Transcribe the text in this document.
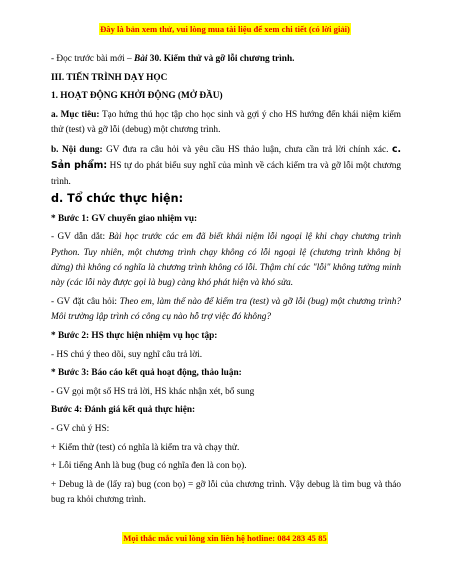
Đây là bản xem thử, vui lòng mua tài liệu để xem chi tiết (có lời giải)

- Đọc trước bài mới – Bài 30. Kiểm thử và gỡ lỗi chương trình.

III. TIẾN TRÌNH DẠY HỌC

1. HOẠT ĐỘNG KHỞI ĐỘNG (MỞ ĐẦU)

a. Mục tiêu: Tạo hứng thú học tập cho học sinh và gợi ý cho HS hướng đến khái niệm kiểm thử (test) và gỡ lỗi (debug) một chương trình.

b. Nội dung: GV đưa ra câu hỏi và yêu cầu HS thảo luận, chưa cần trả lời chính xác. c. Sản phẩm: HS tự do phát biểu suy nghĩ của mình về cách kiểm tra và gỡ lỗi một chương trình.

d. Tổ chức thực hiện:

* Bước 1: GV chuyển giao nhiệm vụ:

- GV dẫn dắt: Bài học trước các em đã biết khái niệm lỗi ngoại lệ khi chạy chương trình Python. Tuy nhiên, một chương trình chạy không có lỗi ngoại lệ (chương trình không bị dừng) thì không có nghĩa là chương trình không có lỗi. Thậm chí các "lỗi" không tường minh này (các lỗi này được gọi là bug) càng khó phát hiện và khó sửa.

- GV đặt câu hỏi: Theo em, làm thế nào để kiểm tra (test) và gỡ lỗi (bug) một chương trình? Môi trường lập trình có công cụ nào hỗ trợ việc đó không?

* Bước 2: HS thực hiện nhiệm vụ học tập:

- HS chú ý theo dõi, suy nghĩ câu trả lời.

* Bước 3: Báo cáo kết quả hoạt động, thảo luận:

- GV gọi một số HS trả lời, HS khác nhận xét, bổ sung

Bước 4: Đánh giá kết quả thực hiện:

- GV chủ ý HS:

+ Kiểm thử (test) có nghĩa là kiểm tra và chạy thử.

+ Lỗi tiếng Anh là bug (bug có nghĩa đen là con bọ).

+ Debug là de (lấy ra) bug (con bọ) = gỡ lỗi của chương trình. Vậy debug là tìm bug và tháo bug ra khỏi chương trình.

Mọi thắc mắc vui lòng xin liên hệ hotline: 084 283 45 85
